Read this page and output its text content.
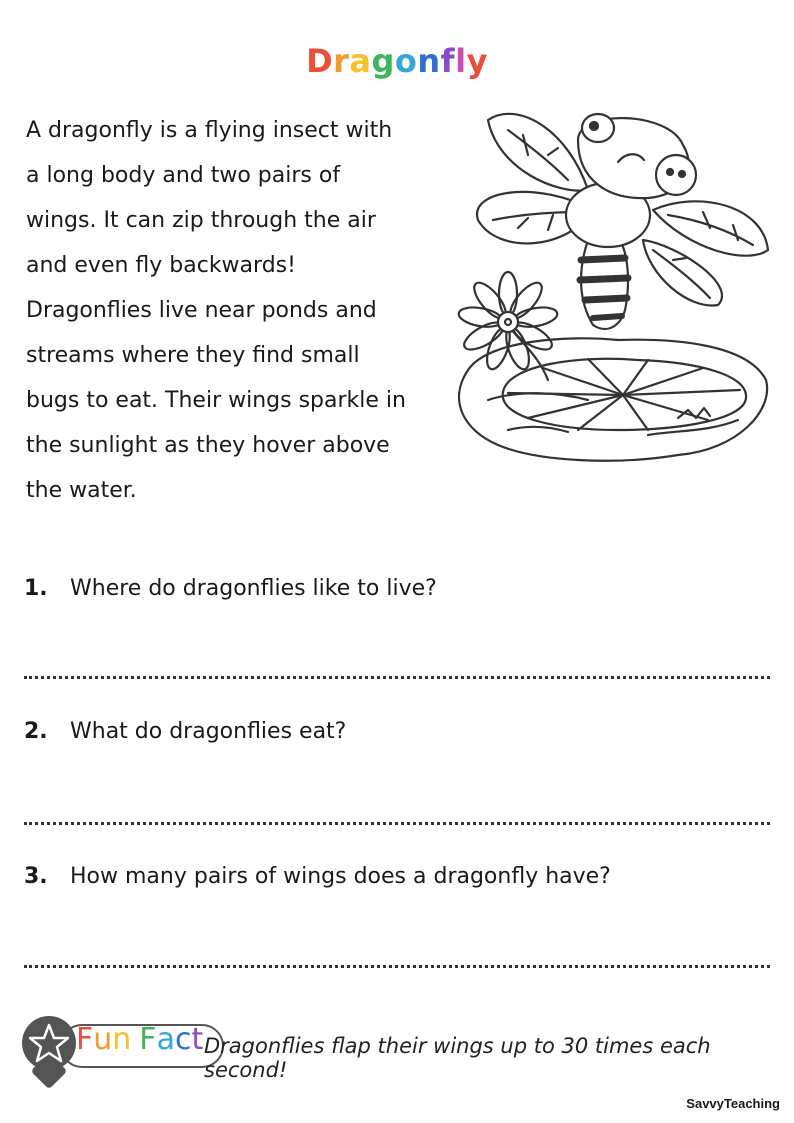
Dragonfly
A dragonfly is a flying insect with
a long body and two pairs of
wings. It can zip through the air
and even fly backwards!
Dragonflies live near ponds and
streams where they find small
bugs to eat. Their wings sparkle in
the sunlight as they hover above
the water.
1. Where do dragonflies like to live?
2. What do dragonflies eat?
3. How many pairs of wings does a dragonfly have?
Fun Fact Dragonflies flap their wings up to 30 times each second!
SavvyTeaching
